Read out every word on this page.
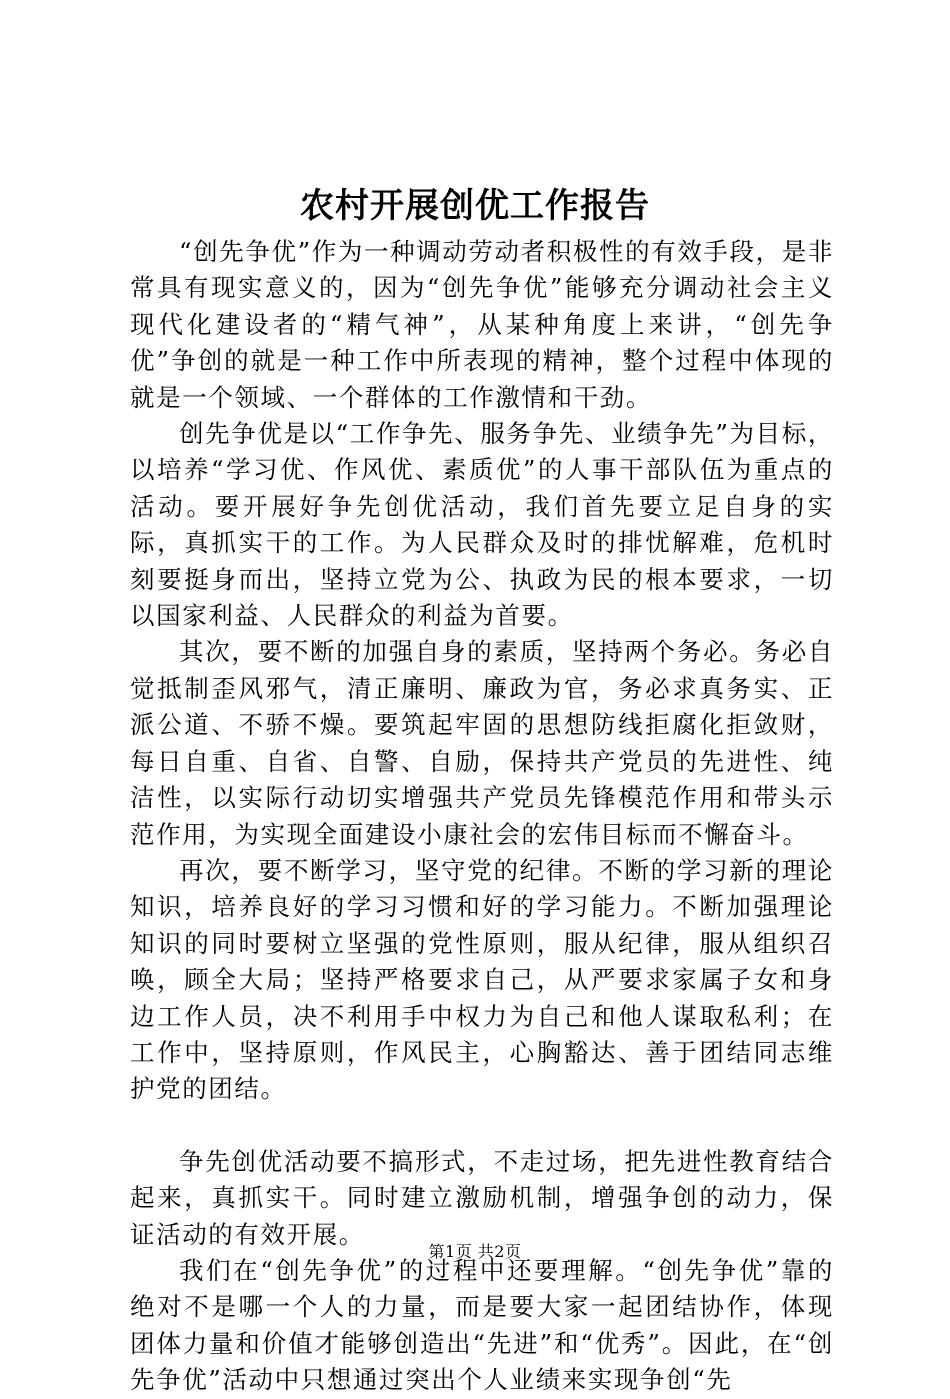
农村开展创优工作报告

“创先争优”作为一种调动劳动者积极性的有效手段，是非常具有现实意义的，因为“创先争优”能够充分调动社会主义现代化建设者的“精气神”，从某种角度上来讲，“创先争优”争创的就是一种工作中所表现的精神，整个过程中体现的就是一个领域、一个群体的工作激情和干劲。

创先争优是以“工作争先、服务争先、业绩争先”为目标，以培养“学习优、作风优、素质优”的人事干部队伍为重点的活动。要开展好争先创优活动，我们首先要立足自身的实际，真抓实干的工作。为人民群众及时的排忧解难，危机时刻要挺身而出，坚持立党为公、执政为民的根本要求，一切以国家利益、人民群众的利益为首要。

其次，要不断的加强自身的素质，坚持两个务必。务必自觉抵制歪风邪气，清正廉明、廉政为官，务必求真务实、正派公道、不骄不燥。要筑起牢固的思想防线拒腐化拒敛财，每日自重、自省、自警、自励，保持共产党员的先进性、纯洁性，以实际行动切实增强共产党员先锋模范作用和带头示范作用，为实现全面建设小康社会的宏伟目标而不懈奋斗。

再次，要不断学习，坚守党的纪律。不断的学习新的理论知识，培养良好的学习习惯和好的学习能力。不断加强理论知识的同时要树立坚强的党性原则，服从纪律，服从组织召唤，顾全大局；坚持严格要求自己，从严要求家属子女和身边工作人员，决不利用手中权力为自己和他人谋取私利；在工作中，坚持原则，作风民主，心胸豁达、善于团结同志维护党的团结。

争先创优活动要不搞形式，不走过场，把先进性教育结合起来，真抓实干。同时建立激励机制，增强争创的动力，保证活动的有效开展。

我们在“创先争优”的过程中还要理解。“创先争优”靠的绝对不是哪一个人的力量，而是要大家一起团结协作，体现团体力量和价值才能够创造出“先进”和“优秀”。因此，在“创先争优”活动中只想通过突出个人业绩来实现争创“先

第1页 共2页
